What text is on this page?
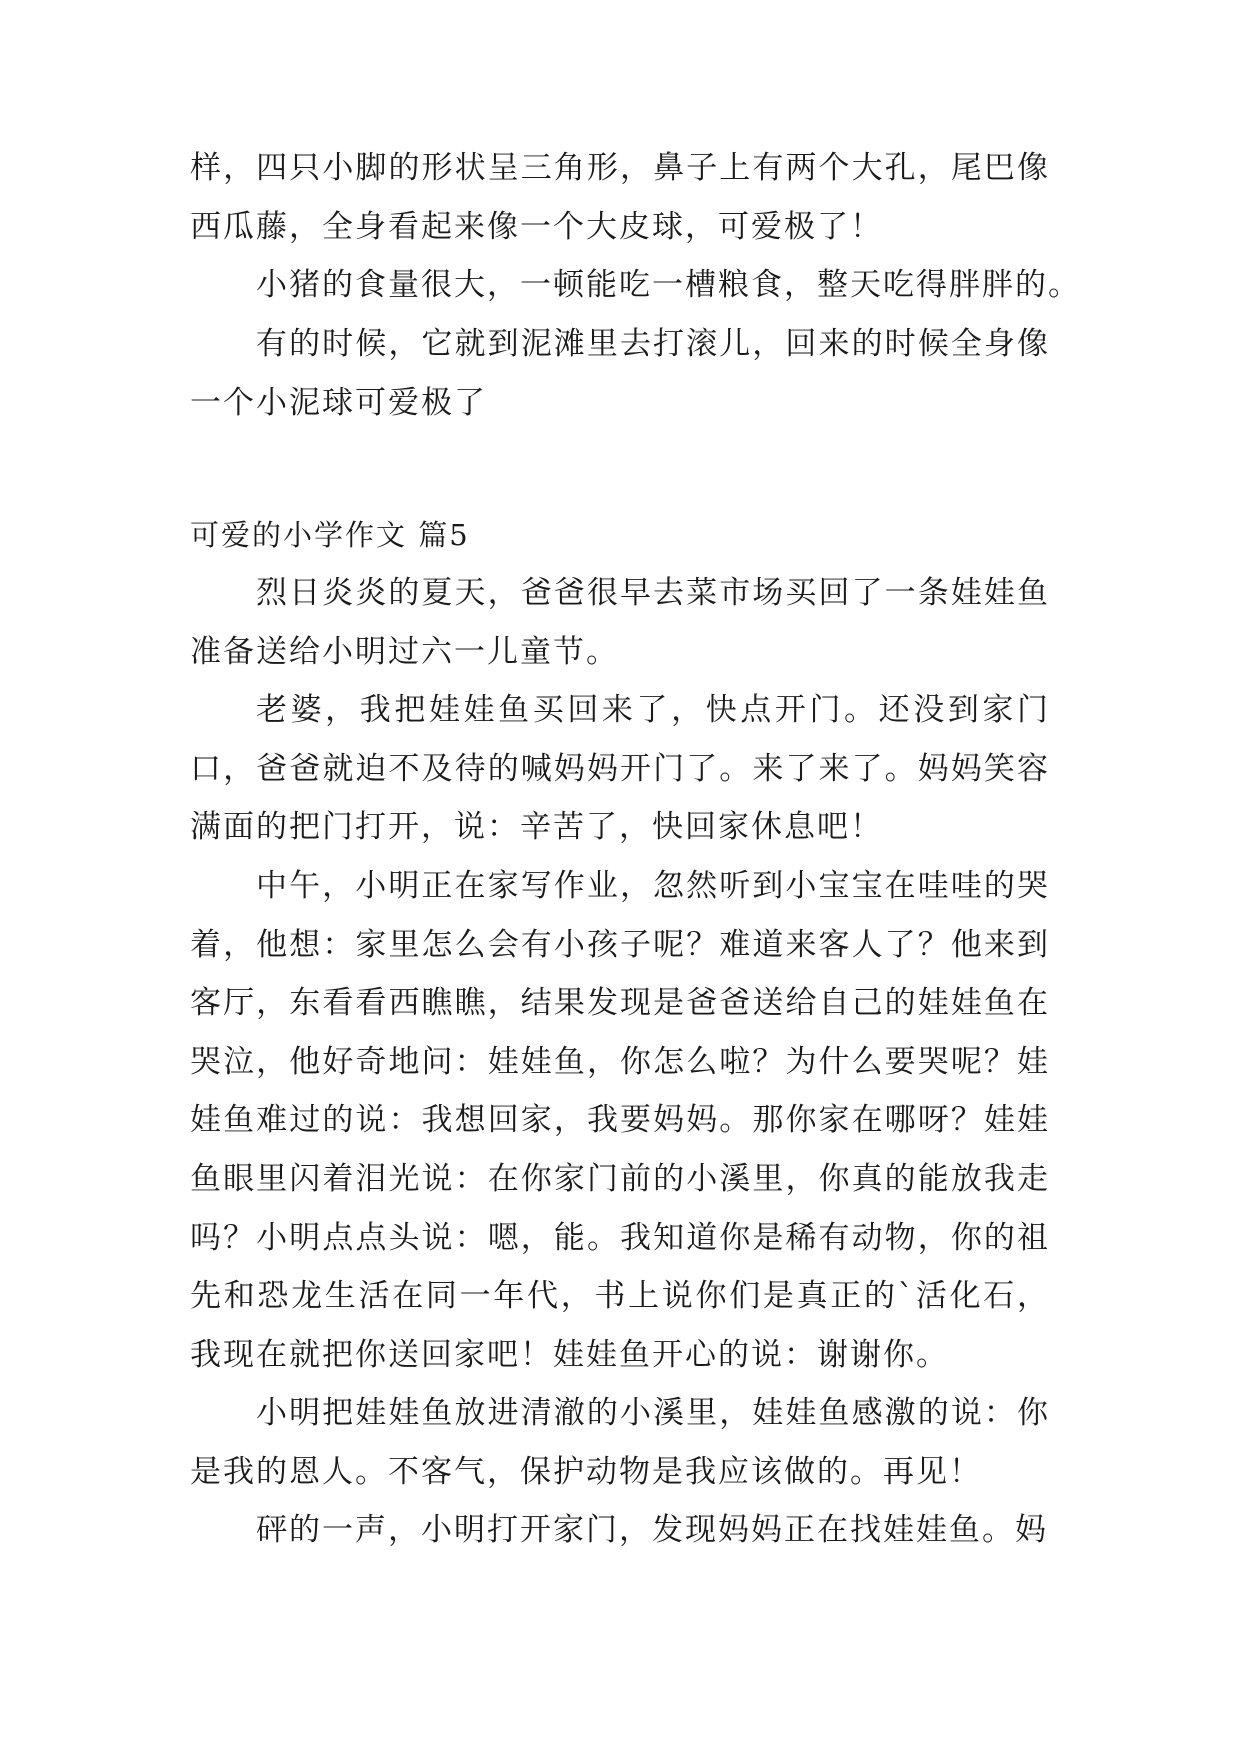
样，四只小脚的形状呈三角形，鼻子上有两个大孔，尾巴像西瓜藤，全身看起来像一个大皮球，可爱极了！
小猪的食量很大，一顿能吃一槽粮食，整天吃得胖胖的。
有的时候，它就到泥滩里去打滚儿，回来的时候全身像一个小泥球可爱极了
可爱的小学作文 篇5
烈日炎炎的夏天，爸爸很早去菜市场买回了一条娃娃鱼准备送给小明过六一儿童节。
老婆，我把娃娃鱼买回来了，快点开门。还没到家门口，爸爸就迫不及待的喊妈妈开门了。来了来了。妈妈笑容满面的把门打开，说：辛苦了，快回家休息吧！
中午，小明正在家写作业，忽然听到小宝宝在哇哇的哭着，他想：家里怎么会有小孩子呢？难道来客人了？他来到客厅，东看看西瞧瞧，结果发现是爸爸送给自己的娃娃鱼在哭泣，他好奇地问：娃娃鱼，你怎么啦？为什么要哭呢？娃娃鱼难过的说：我想回家，我要妈妈。那你家在哪呀？娃娃鱼眼里闪着泪光说：在你家门前的小溪里，你真的能放我走吗？小明点点头说：嗯，能。我知道你是稀有动物，你的祖先和恐龙生活在同一年代，书上说你们是真正的`活化石，我现在就把你送回家吧！娃娃鱼开心的说：谢谢你。
小明把娃娃鱼放进清澈的小溪里，娃娃鱼感激的说：你是我的恩人。不客气，保护动物是我应该做的。再见！
砰的一声，小明打开家门，发现妈妈正在找娃娃鱼。妈
